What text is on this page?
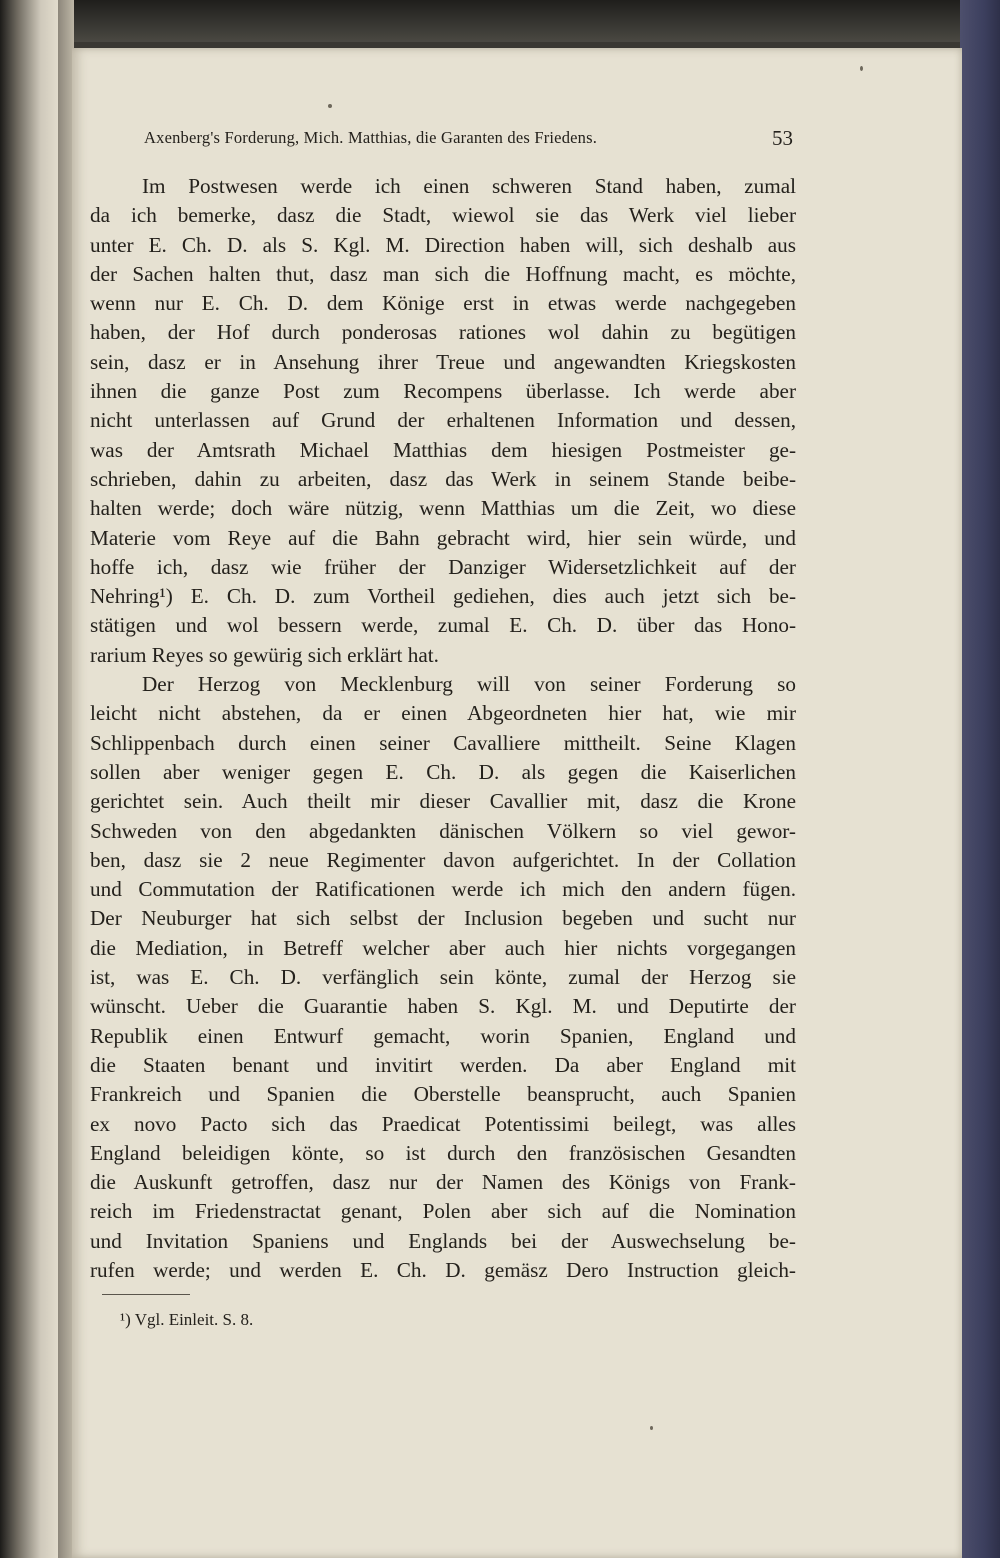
Axenberg's Forderung, Mich. Matthias, die Garanten des Friedens.	53
Im Postwesen werde ich einen schweren Stand haben, zumal
da ich bemerke, dasz die Stadt, wiewol sie das Werk viel lieber
unter E. Ch. D. als S. Kgl. M. Direction haben will, sich deshalb aus
der Sachen halten thut, dasz man sich die Hoffnung macht, es möchte,
wenn nur E. Ch. D. dem Könige erst in etwas werde nachgegeben
haben, der Hof durch ponderosas rationes wol dahin zu begütigen
sein, dasz er in Ansehung ihrer Treue und angewandten Kriegskosten
ihnen die ganze Post zum Recompens überlasse. Ich werde aber
nicht unterlassen auf Grund der erhaltenen Information und dessen,
was der Amtsrath Michael Matthias dem hiesigen Postmeister ge-
schrieben, dahin zu arbeiten, dasz das Werk in seinem Stande beibe-
halten werde; doch wäre nützig, wenn Matthias um die Zeit, wo diese
Materie vom Reye auf die Bahn gebracht wird, hier sein würde, und
hoffe ich, dasz wie früher der Danziger Widersetzlichkeit auf der
Nehring¹) E. Ch. D. zum Vortheil gediehen, dies auch jetzt sich be-
stätigen und wol bessern werde, zumal E. Ch. D. über das Hono-
rarium Reyes so gewürig sich erklärt hat.
Der Herzog von Mecklenburg will von seiner Forderung so
leicht nicht abstehen, da er einen Abgeordneten hier hat, wie mir
Schlippenbach durch einen seiner Cavalliere mittheilt. Seine Klagen
sollen aber weniger gegen E. Ch. D. als gegen die Kaiserlichen
gerichtet sein. Auch theilt mir dieser Cavallier mit, dasz die Krone
Schweden von den abgedankten dänischen Völkern so viel gewor-
ben, dasz sie 2 neue Regimenter davon aufgerichtet. In der Collation
und Commutation der Ratificationen werde ich mich den andern fügen.
Der Neuburger hat sich selbst der Inclusion begeben und sucht nur
die Mediation, in Betreff welcher aber auch hier nichts vorgegangen
ist, was E. Ch. D. verfänglich sein könte, zumal der Herzog sie
wünscht. Ueber die Guarantie haben S. Kgl. M. und Deputirte der
Republik einen Entwurf gemacht, worin Spanien, England und
die Staaten benant und invitirt werden. Da aber England mit
Frankreich und Spanien die Oberstelle beansprucht, auch Spanien
ex novo Pacto sich das Praedicat Potentissimi beilegt, was alles
England beleidigen könte, so ist durch den französischen Gesandten
die Auskunft getroffen, dasz nur der Namen des Königs von Frank-
reich im Friedenstractat genant, Polen aber sich auf die Nomination
und Invitation Spaniens und Englands bei der Auswechselung be-
rufen werde; und werden E. Ch. D. gemäsz Dero Instruction gleich-
¹) Vgl. Einleit. S. 8.
